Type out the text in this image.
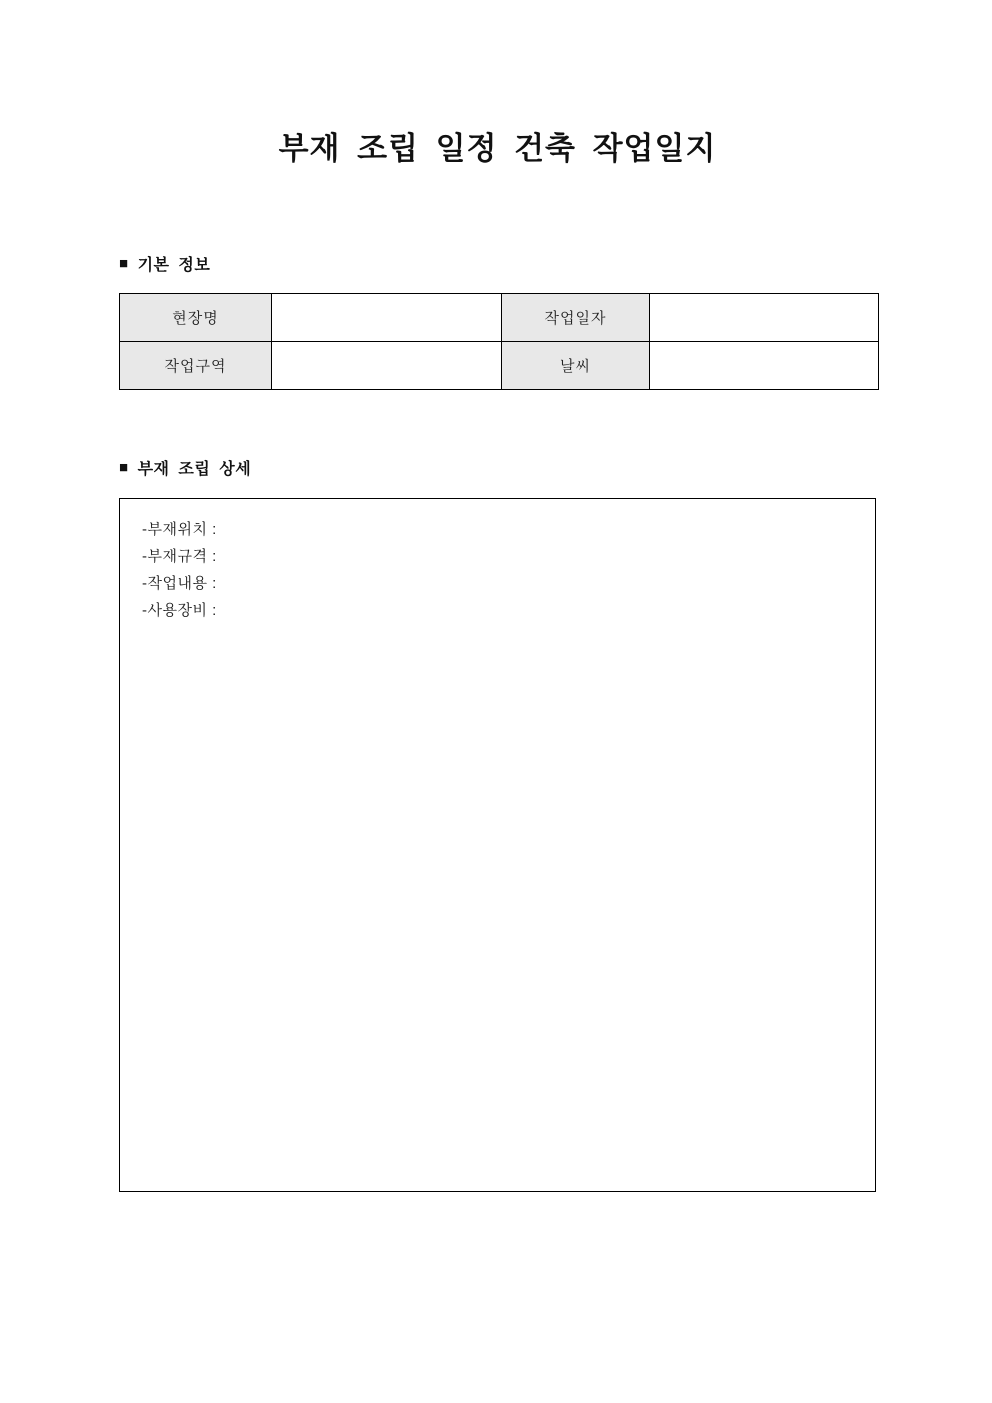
부재 조립 일정 건축 작업일지
■ 기본 정보
현장명		작업일자	
작업구역		날씨	
■ 부재 조립 상세
-부재위치 :
-부재규격 :
-작업내용 :
-사용장비 :
